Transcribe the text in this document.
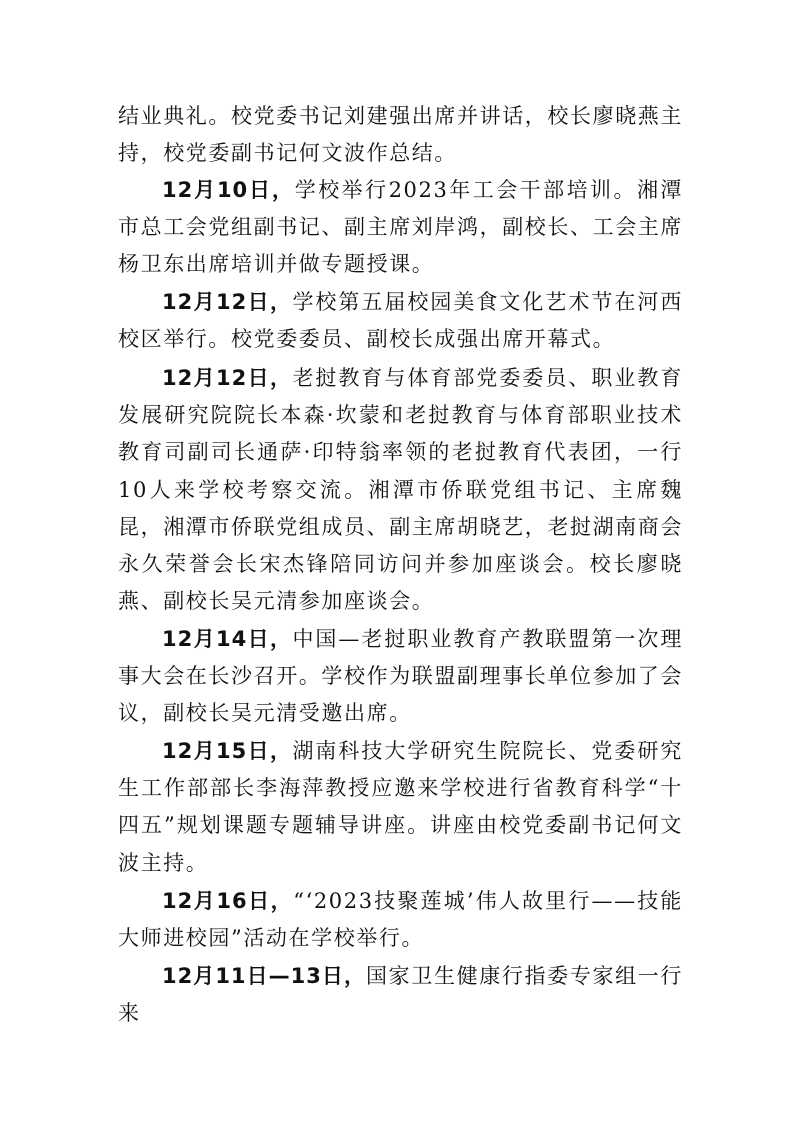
结业典礼。校党委书记刘建强出席并讲话，校长廖晓燕主持，校党委副书记何文波作总结。

12月10日，学校举行2023年工会干部培训。湘潭市总工会党组副书记、副主席刘岸鸿，副校长、工会主席杨卫东出席培训并做专题授课。

12月12日，学校第五届校园美食文化艺术节在河西校区举行。校党委委员、副校长成强出席开幕式。

12月12日，老挝教育与体育部党委委员、职业教育发展研究院院长本森·坎蒙和老挝教育与体育部职业技术教育司副司长通萨·印特翁率领的老挝教育代表团，一行10人来学校考察交流。湘潭市侨联党组书记、主席魏昆，湘潭市侨联党组成员、副主席胡晓艺，老挝湖南商会永久荣誉会长宋杰锋陪同访问并参加座谈会。校长廖晓燕、副校长吴元清参加座谈会。

12月14日，中国—老挝职业教育产教联盟第一次理事大会在长沙召开。学校作为联盟副理事长单位参加了会议，副校长吴元清受邀出席。

12月15日，湖南科技大学研究生院院长、党委研究生工作部部长李海萍教授应邀来学校进行省教育科学“十四五”规划课题专题辅导讲座。讲座由校党委副书记何文波主持。

12月16日，“‘2023技聚莲城’伟人故里行——技能大师进校园”活动在学校举行。

12月11日—13日，国家卫生健康行指委专家组一行来
